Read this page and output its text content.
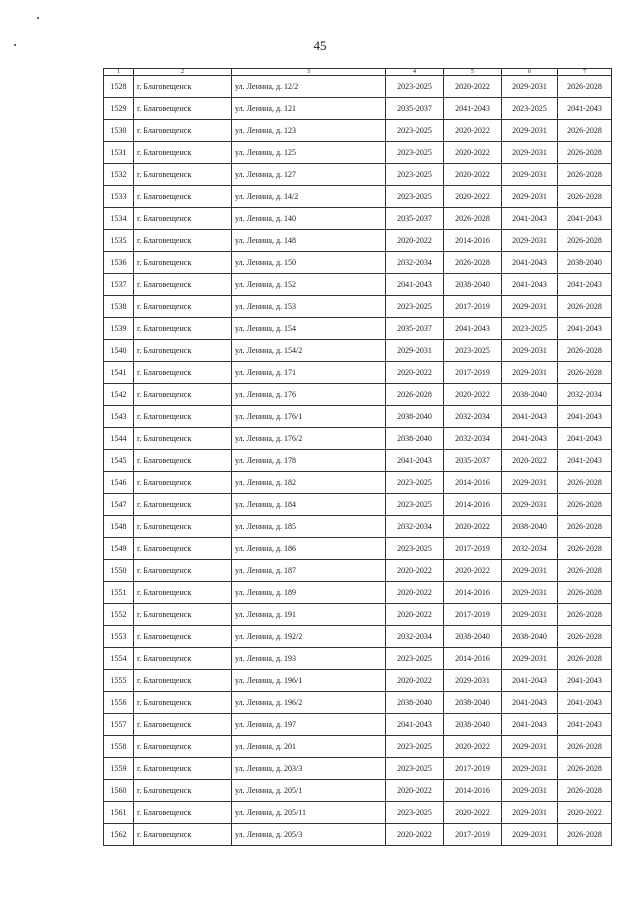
45
1	2	3	4	5	6	7
1528	г. Благовещенск	ул. Ленина, д. 12/2	2023-2025	2020-2022	2029-2031	2026-2028
1529	г. Благовещенск	ул. Ленина, д. 121	2035-2037	2041-2043	2023-2025	2041-2043
1530	г. Благовещенск	ул. Ленина, д. 123	2023-2025	2020-2022	2029-2031	2026-2028
1531	г. Благовещенск	ул. Ленина, д. 125	2023-2025	2020-2022	2029-2031	2026-2028
1532	г. Благовещенск	ул. Ленина, д. 127	2023-2025	2020-2022	2029-2031	2026-2028
1533	г. Благовещенск	ул. Ленина, д. 14/2	2023-2025	2020-2022	2029-2031	2026-2028
1534	г. Благовещенск	ул. Ленина, д. 140	2035-2037	2026-2028	2041-2043	2041-2043
1535	г. Благовещенск	ул. Ленина, д. 148	2020-2022	2014-2016	2029-2031	2026-2028
1536	г. Благовещенск	ул. Ленина, д. 150	2032-2034	2026-2028	2041-2043	2038-2040
1537	г. Благовещенск	ул. Ленина, д. 152	2041-2043	2038-2040	2041-2043	2041-2043
1538	г. Благовещенск	ул. Ленина, д. 153	2023-2025	2017-2019	2029-2031	2026-2028
1539	г. Благовещенск	ул. Ленина, д. 154	2035-2037	2041-2043	2023-2025	2041-2043
1540	г. Благовещенск	ул. Ленина, д. 154/2	2029-2031	2023-2025	2029-2031	2026-2028
1541	г. Благовещенск	ул. Ленина, д. 171	2020-2022	2017-2019	2029-2031	2026-2028
1542	г. Благовещенск	ул. Ленина, д. 176	2026-2028	2020-2022	2038-2040	2032-2034
1543	г. Благовещенск	ул. Ленина, д. 176/1	2038-2040	2032-2034	2041-2043	2041-2043
1544	г. Благовещенск	ул. Ленина, д. 176/2	2038-2040	2032-2034	2041-2043	2041-2043
1545	г. Благовещенск	ул. Ленина, д. 178	2041-2043	2035-2037	2020-2022	2041-2043
1546	г. Благовещенск	ул. Ленина, д. 182	2023-2025	2014-2016	2029-2031	2026-2028
1547	г. Благовещенск	ул. Ленина, д. 184	2023-2025	2014-2016	2029-2031	2026-2028
1548	г. Благовещенск	ул. Ленина, д. 185	2032-2034	2020-2022	2038-2040	2026-2028
1549	г. Благовещенск	ул. Ленина, д. 186	2023-2025	2017-2019	2032-2034	2026-2028
1550	г. Благовещенск	ул. Ленина, д. 187	2020-2022	2020-2022	2029-2031	2026-2028
1551	г. Благовещенск	ул. Ленина, д. 189	2020-2022	2014-2016	2029-2031	2026-2028
1552	г. Благовещенск	ул. Ленина, д. 191	2020-2022	2017-2019	2029-2031	2026-2028
1553	г. Благовещенск	ул. Ленина, д. 192/2	2032-2034	2038-2040	2038-2040	2026-2028
1554	г. Благовещенск	ул. Ленина, д. 193	2023-2025	2014-2016	2029-2031	2026-2028
1555	г. Благовещенск	ул. Ленина, д. 196/1	2020-2022	2029-2031	2041-2043	2041-2043
1556	г. Благовещенск	ул. Ленина, д. 196/2	2038-2040	2038-2040	2041-2043	2041-2043
1557	г. Благовещенск	ул. Ленина, д. 197	2041-2043	2038-2040	2041-2043	2041-2043
1558	г. Благовещенск	ул. Ленина, д. 201	2023-2025	2020-2022	2029-2031	2026-2028
1559	г. Благовещенск	ул. Ленина, д. 203/3	2023-2025	2017-2019	2029-2031	2026-2028
1560	г. Благовещенск	ул. Ленина, д. 205/1	2020-2022	2014-2016	2029-2031	2026-2028
1561	г. Благовещенск	ул. Ленина, д. 205/11	2023-2025	2020-2022	2029-2031	2020-2022
1562	г. Благовещенск	ул. Ленина, д. 205/3	2020-2022	2017-2019	2029-2031	2026-2028
